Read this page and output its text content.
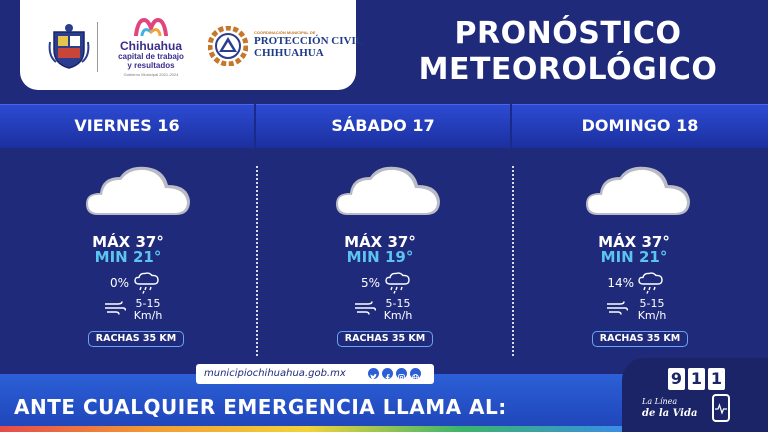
Chihuahua
capital de trabajo
y resultados
Gobierno Municipal 2021-2024
COORDINACIÓN MUNICIPAL DE
PROTECCIÓN CIVIL
CHIHUAHUA
PRONÓSTICO
METEOROLÓGICO
VIERNES 16	SÁBADO 17	DOMINGO 18
MÁX 37°
MIN 21°
0%
5-15
Km/h
RACHAS 35 KM
MÁX 37°
MIN 19°
5%
5-15
Km/h
RACHAS 35 KM
MÁX 37°
MIN 21°
14%
5-15
Km/h
RACHAS 35 KM
municipiochihuahua.gob.mx
ANTE CUALQUIER EMERGENCIA LLAMA AL:
9 1 1
La Línea
de la Vida
